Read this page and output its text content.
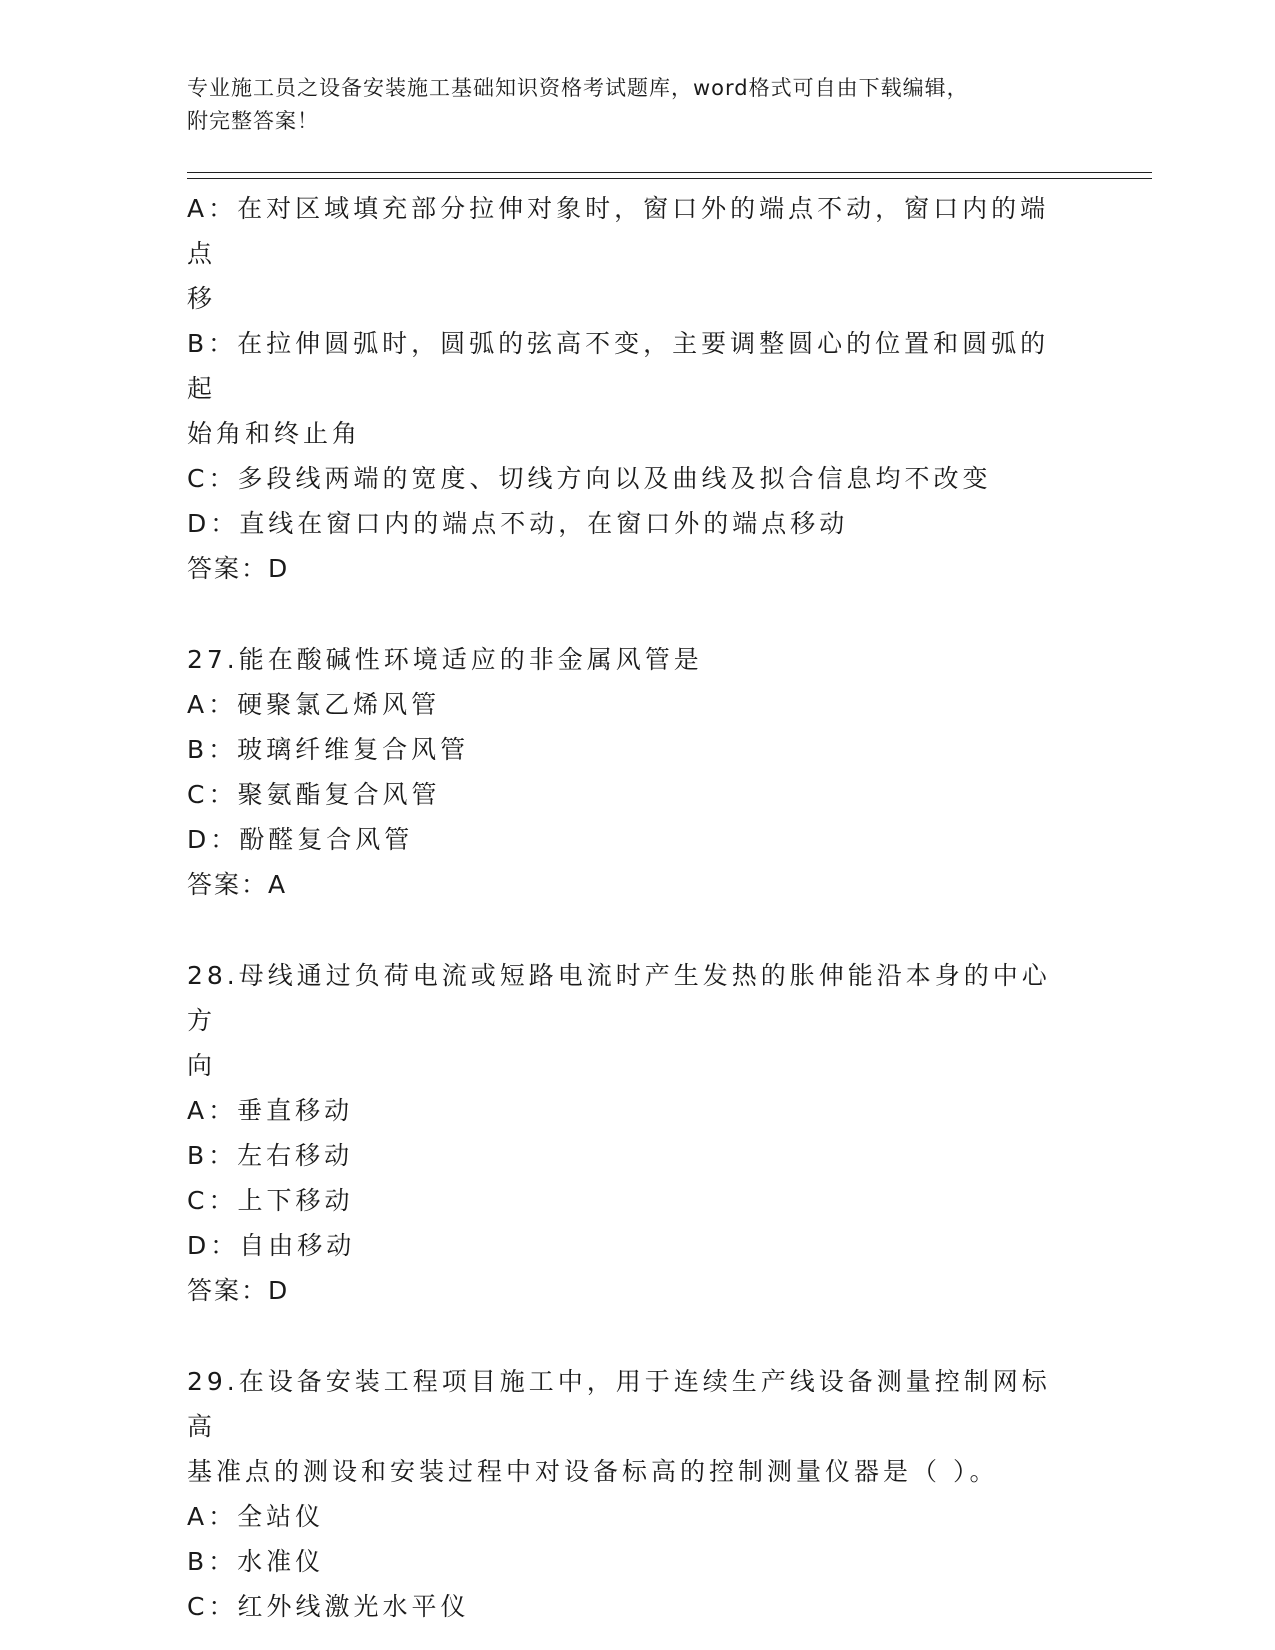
专业施工员之设备安装施工基础知识资格考试题库，word格式可自由下载编辑，
附完整答案！
A：在对区域填充部分拉伸对象时，窗口外的端点不动，窗口内的端点
移
B：在拉伸圆弧时，圆弧的弦高不变，主要调整圆心的位置和圆弧的起
始角和终止角
C：多段线两端的宽度、切线方向以及曲线及拟合信息均不改变
D：直线在窗口内的端点不动，在窗口外的端点移动
答案：D
27.能在酸碱性环境适应的非金属风管是
A：硬聚氯乙烯风管
B：玻璃纤维复合风管
C：聚氨酯复合风管
D：酚醛复合风管
答案：A
28.母线通过负荷电流或短路电流时产生发热的胀伸能沿本身的中心方
向
A：垂直移动
B：左右移动
C：上下移动
D：自由移动
答案：D
29.在设备安装工程项目施工中，用于连续生产线设备测量控制网标高
基准点的测设和安装过程中对设备标高的控制测量仪器是（ ）。
A：全站仪
B：水准仪
C：红外线激光水平仪
